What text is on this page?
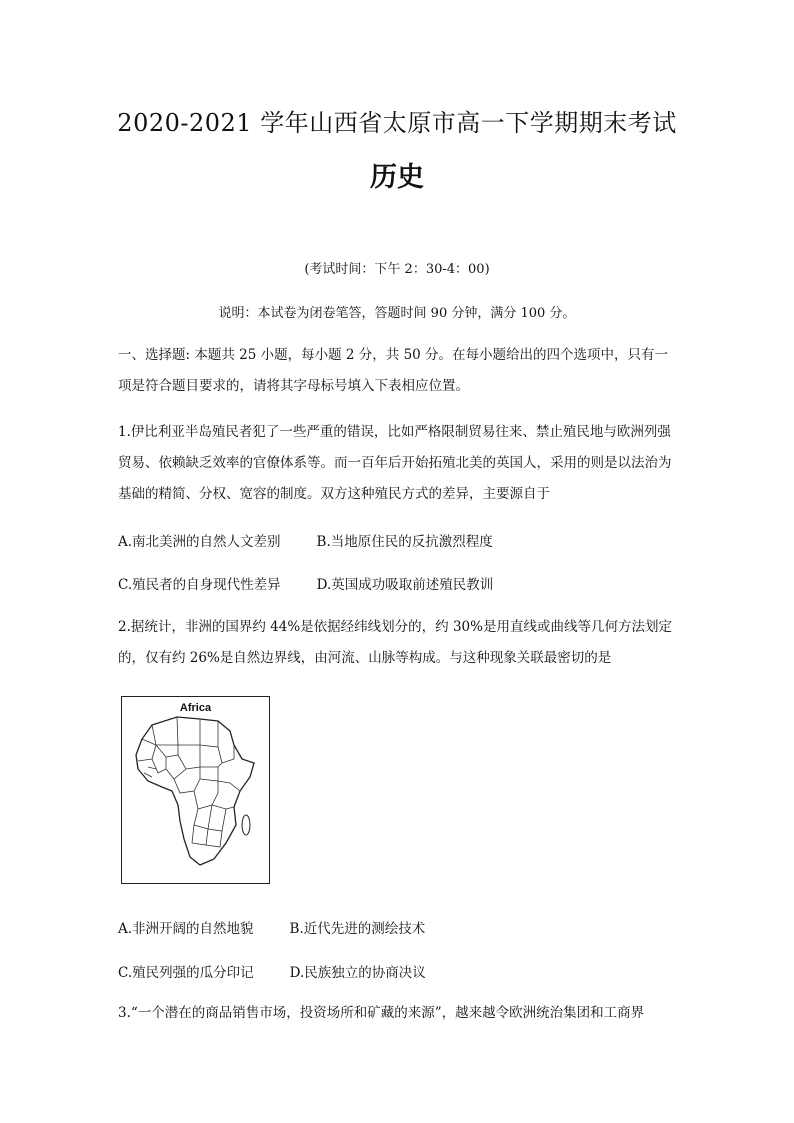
2020-2021 学年山西省太原市高一下学期期末考试
历史
(考试时间：下午 2：30-4：00)
说明：本试卷为闭卷笔答，答题时间 90 分钟，满分 100 分。
一、选择题: 本题共 25 小题，每小题 2 分，共 50 分。在每小题给出的四个选项中，只有一项是符合题目要求的，请将其字母标号填入下表相应位置。
1.伊比利亚半岛殖民者犯了一些严重的错误，比如严格限制贸易往来、禁止殖民地与欧洲列强贸易、依赖缺乏效率的官僚体系等。而一百年后开始拓殖北美的英国人，采用的则是以法治为基础的精简、分权、宽容的制度。双方这种殖民方式的差异，主要源自于
A.南北美洲的自然人文差别	B.当地原住民的反抗激烈程度
C.殖民者的自身现代性差异	D.英国成功吸取前述殖民教训
2.据统计，非洲的国界约 44%是依据经纬线划分的，约 30%是用直线或曲线等几何方法划定的，仅有约 26%是自然边界线，由河流、山脉等构成。与这种现象关联最密切的是
Africa
A.非洲开阔的自然地貌	B.近代先进的测绘技术
C.殖民列强的瓜分印记	D.民族独立的协商决议
3.“一个潜在的商品销售市场，投资场所和矿藏的来源”，越来越令欧洲统治集团和工商界
